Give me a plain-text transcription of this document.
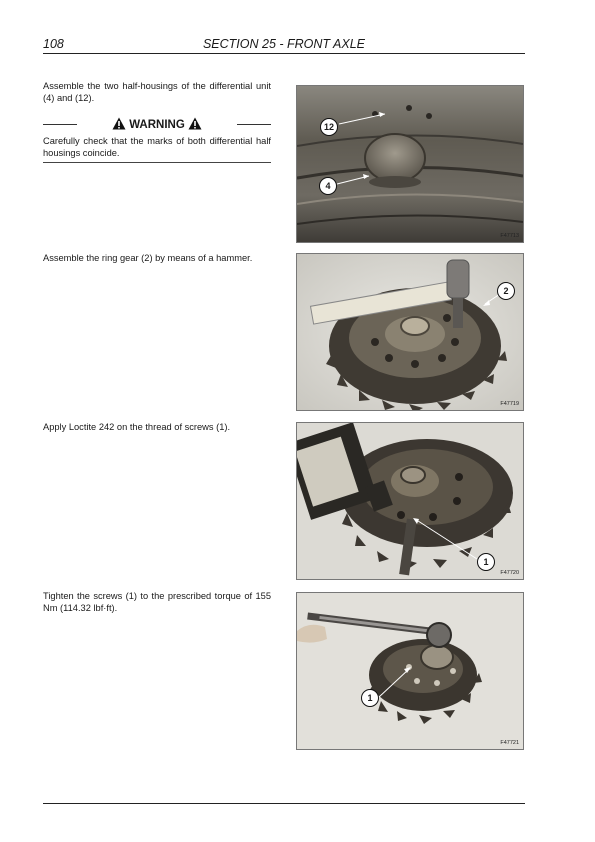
108	SECTION 25 - FRONT AXLE
Assemble the two half-housings of the differential unit (4) and (12).
WARNING
Carefully check that the marks of both differential half housings coincide.
12
4
F47713
Assemble the ring gear (2) by means of a hammer.
2
F47719
Apply Loctite 242 on the thread of screws (1).
1
F47720
Tighten the screws (1) to the prescribed torque of 155 Nm (114.32 lbf·ft).
1
F47721
